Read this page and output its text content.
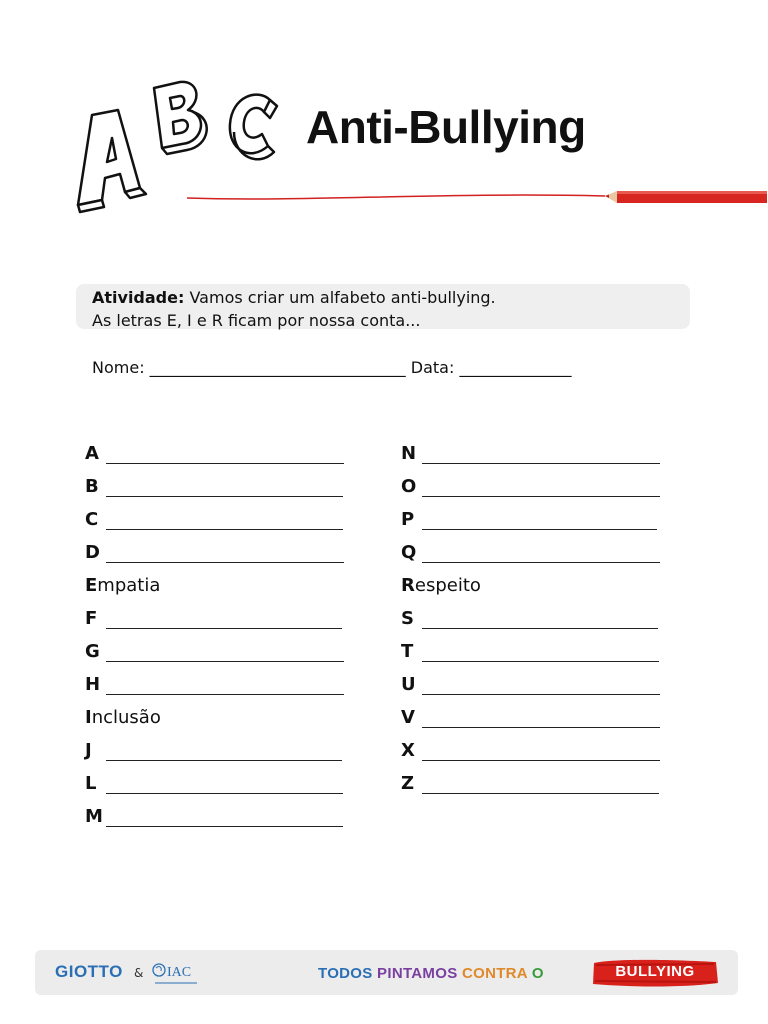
Anti-Bullying
Atividade: Vamos criar um alfabeto anti-bullying.
As letras E, I e R ficam por nossa conta...
Nome: ________________________________ Data: ______________
A
B
C
D
E mpatia
F
G
H
I nclusão
J
L
M
N
O
P
Q
R espeito
S
T
U
V
X
Z
GIOTTO & IAC	TODOS PINTAMOS CONTRA O	BULLYING
